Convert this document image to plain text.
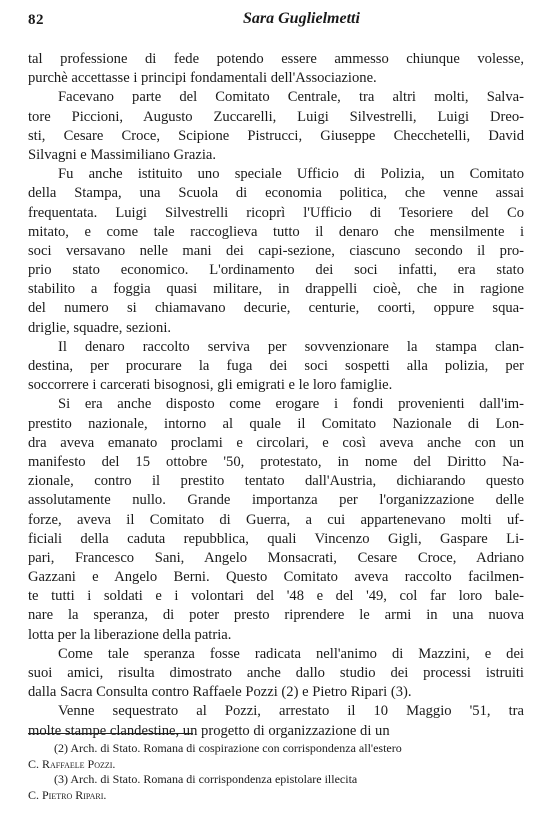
82	Sara Guglielmetti
tal professione di fede potendo essere ammesso chiunque volesse,
purchè accettasse i principi fondamentali dell'Associazione.
Facevano parte del Comitato Centrale, tra altri molti, Salva-
tore Piccioni, Augusto Zuccarelli, Luigi Silvestrelli, Luigi Dreo-
sti, Cesare Croce, Scipione Pistrucci, Giuseppe Checchetelli, David
Silvagni e Massimiliano Grazia.
Fu anche istituito uno speciale Ufficio di Polizia, un Comitato
della Stampa, una Scuola di economia politica, che venne assai
frequentata. Luigi Silvestrelli ricoprì l'Ufficio di Tesoriere del Co
mitato, e come tale raccoglieva tutto il denaro che mensilmente i
soci versavano nelle mani dei capi-sezione, ciascuno secondo il pro-
prio stato economico. L'ordinamento dei soci infatti, era stato
stabilito a foggia quasi militare, in drappelli cioè, che in ragione
del numero si chiamavano decurie, centurie, coorti, oppure squa-
driglie, squadre, sezioni.
Il denaro raccolto serviva per sovvenzionare la stampa clan-
destina, per procurare la fuga dei soci sospetti alla polizia, per
soccorrere i carcerati bisognosi, gli emigrati e le loro famiglie.
Si era anche disposto come erogare i fondi provenienti dall'im-
prestito nazionale, intorno al quale il Comitato Nazionale di Lon-
dra aveva emanato proclami e circolari, e così aveva anche con un
manifesto del 15 ottobre '50, protestato, in nome del Diritto Na-
zionale, contro il prestito tentato dall'Austria, dichiarando questo
assolutamente nullo. Grande importanza per l'organizzazione delle
forze, aveva il Comitato di Guerra, a cui appartenevano molti uf-
ficiali della caduta repubblica, quali Vincenzo Gigli, Gaspare Li-
pari, Francesco Sani, Angelo Monsacrati, Cesare Croce, Adriano
Gazzani e Angelo Berni. Questo Comitato aveva raccolto facilmen-
te tutti i soldati e i volontari del '48 e del '49, col far loro bale-
nare la speranza, di poter presto riprendere le armi in una nuova
lotta per la liberazione della patria.
Come tale speranza fosse radicata nell'animo di Mazzini, e dei
suoi amici, risulta dimostrato anche dallo studio dei processi istruiti
dalla Sacra Consulta contro Raffaele Pozzi (2) e Pietro Ripari (3).
Venne sequestrato al Pozzi, arrestato il 10 Maggio '51, tra
molte stampe clandestine, un progetto di organizzazione di un
(2) Arch. di Stato. Romana di cospirazione con corrispondenza all'estero
C. Raffaele Pozzi.
(3) Arch. di Stato. Romana di corrispondenza epistolare illecita
C. Pietro Ripari.
